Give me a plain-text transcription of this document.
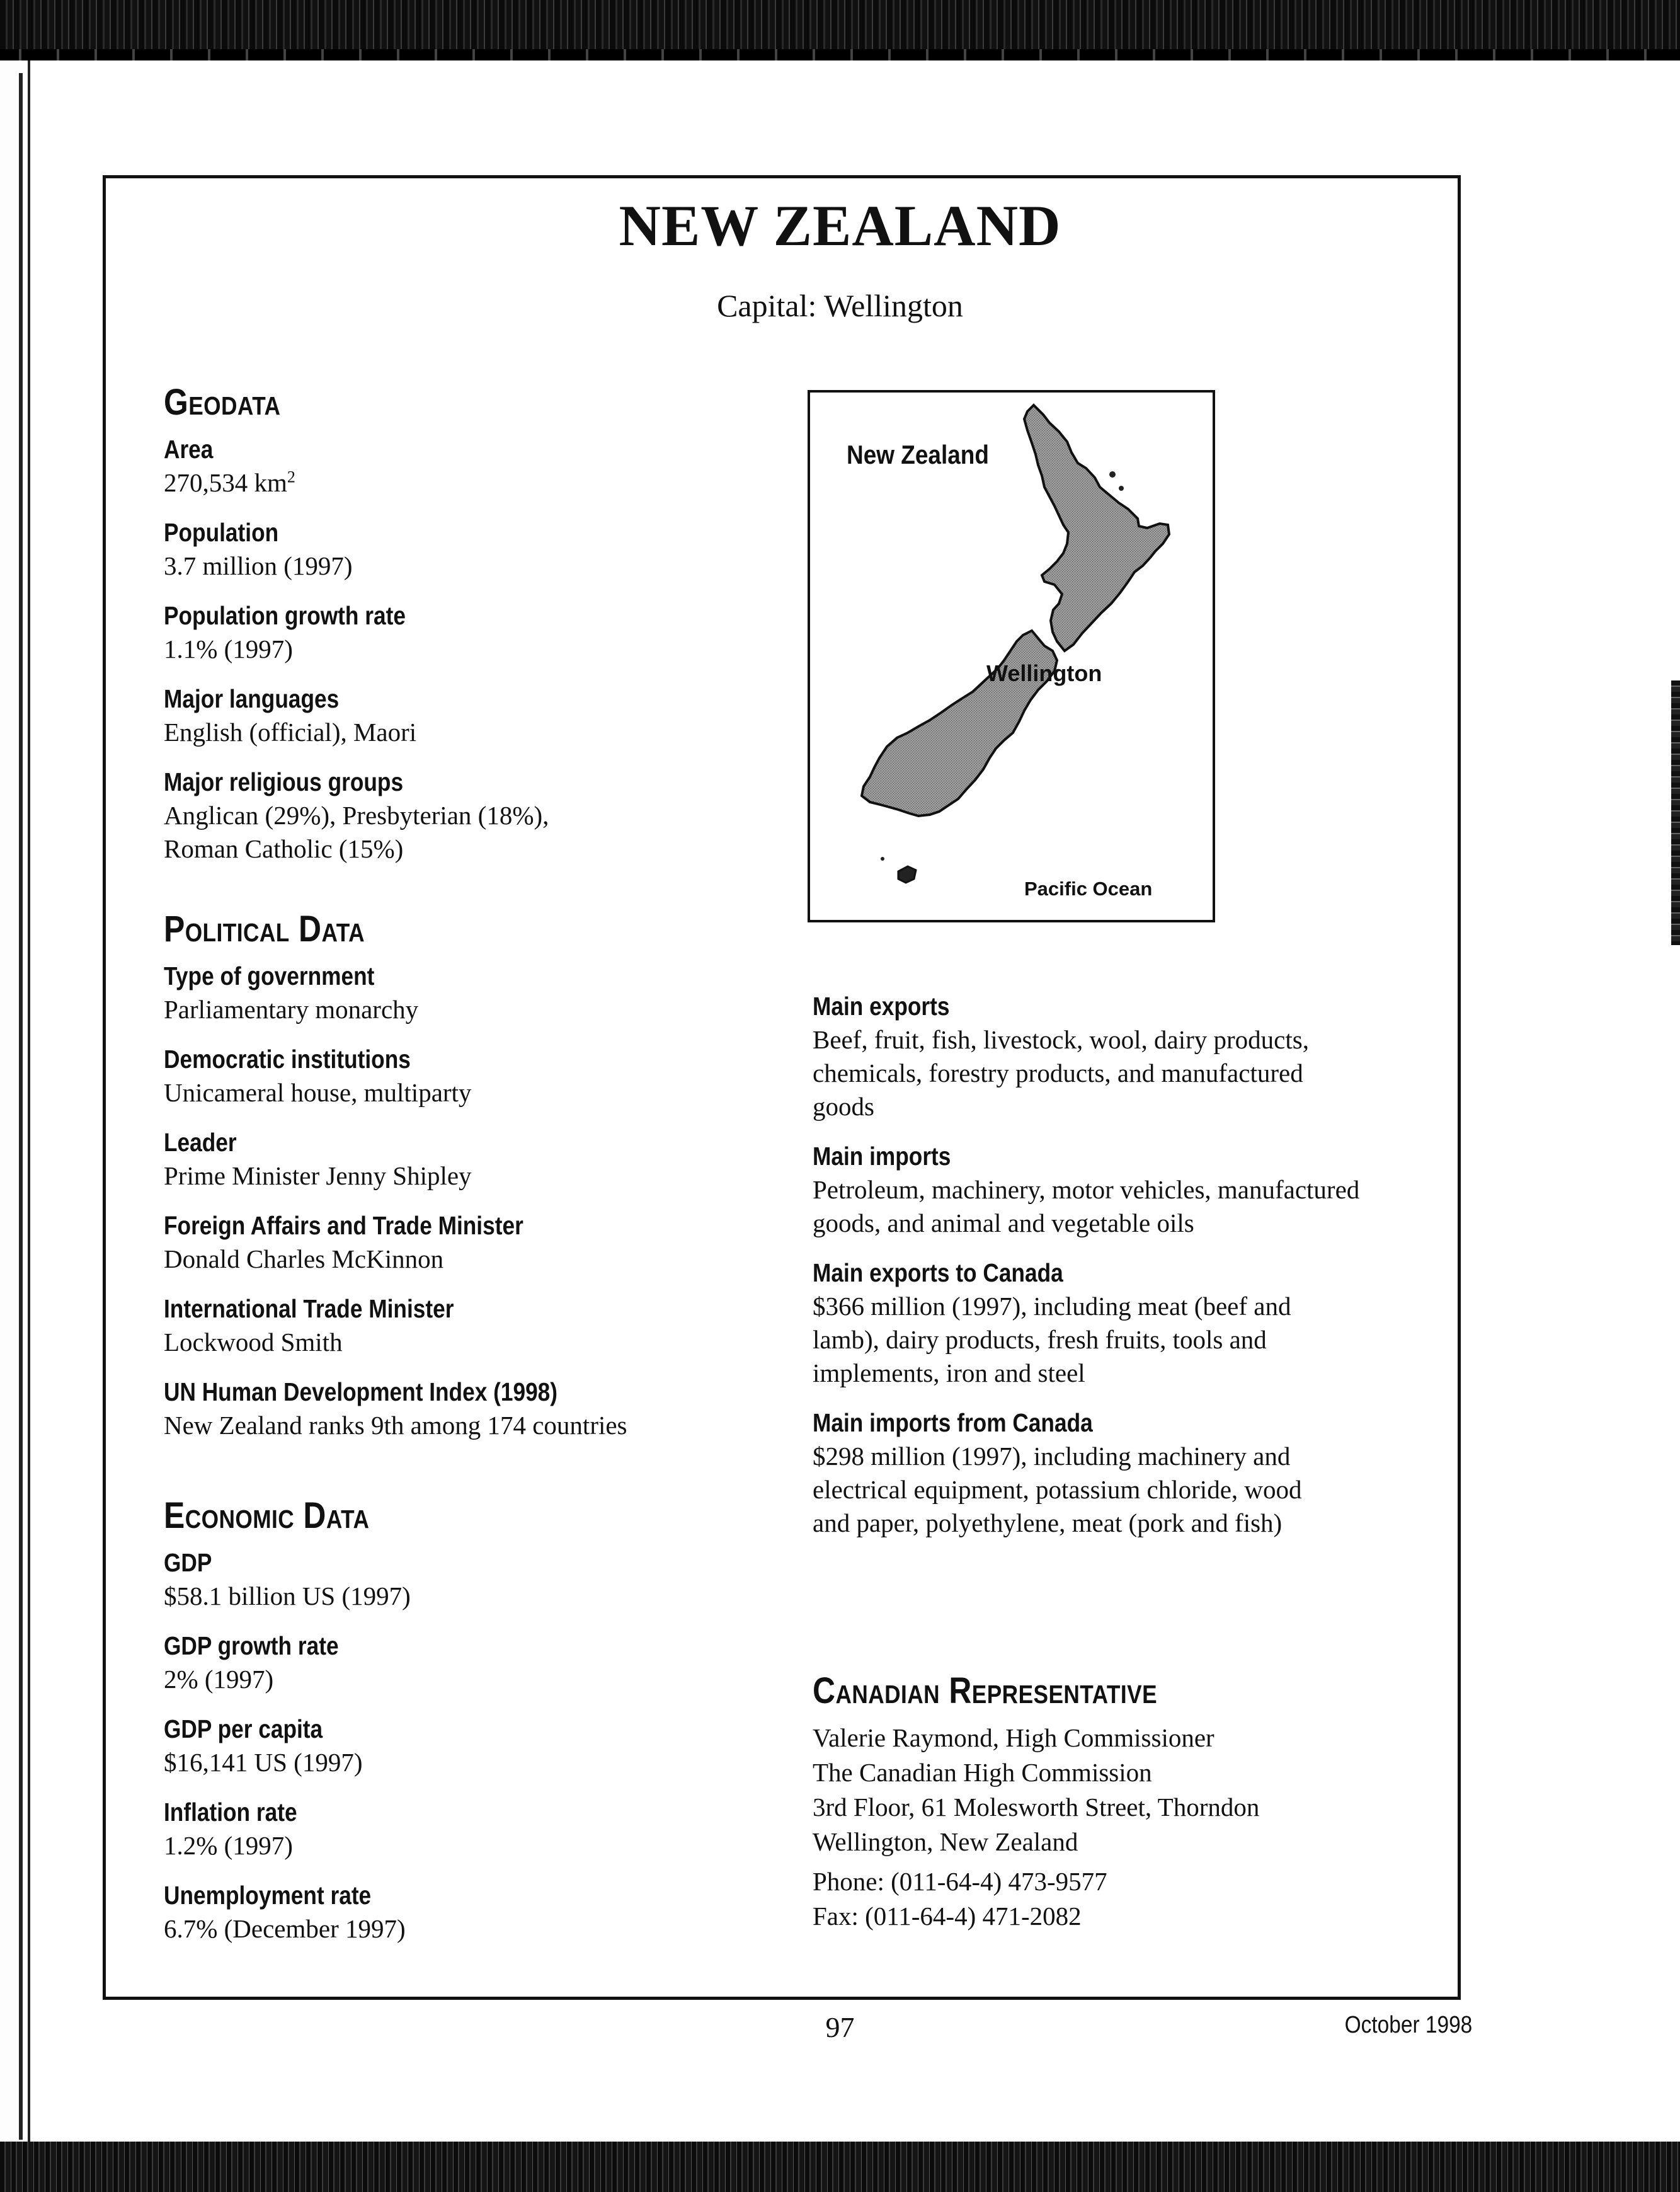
NEW ZEALAND
Capital: Wellington
Geodata
Area
270,534 $km^2$
Population
3.7 million (1997)
Population growth rate
1.1% (1997)
Major languages
English (official), Maori
Major religious groups
Anglican (29%), Presbyterian (18%),
Roman Catholic (15%)
Political Data
Type of government
Parliamentary monarchy
Democratic institutions
Unicameral house, multiparty
Leader
Prime Minister Jenny Shipley
Foreign Affairs and Trade Minister
Donald Charles McKinnon
International Trade Minister
Lockwood Smith
UN Human Development Index (1998)
New Zealand ranks 9th among 174 countries
Economic Data
GDP
$58.1 billion US (1997)
GDP growth rate
2% (1997)
GDP per capita
$16,141 US (1997)
Inflation rate
1.2% (1997)
Unemployment rate
6.7% (December 1997)
New Zealand
Wellington
Pacific Ocean
Main exports
Beef, fruit, fish, livestock, wool, dairy products,
chemicals, forestry products, and manufactured
goods
Main imports
Petroleum, machinery, motor vehicles, manufactured
goods, and animal and vegetable oils
Main exports to Canada
$366 million (1997), including meat (beef and
lamb), dairy products, fresh fruits, tools and
implements, iron and steel
Main imports from Canada
$298 million (1997), including machinery and
electrical equipment, potassium chloride, wood
and paper, polyethylene, meat (pork and fish)
Canadian Representative
Valerie Raymond, High Commissioner
The Canadian High Commission
3rd Floor, 61 Molesworth Street, Thorndon
Wellington, New Zealand
Phone: (011-64-4) 473-9577
Fax: (011-64-4) 471-2082
97	October 1998
